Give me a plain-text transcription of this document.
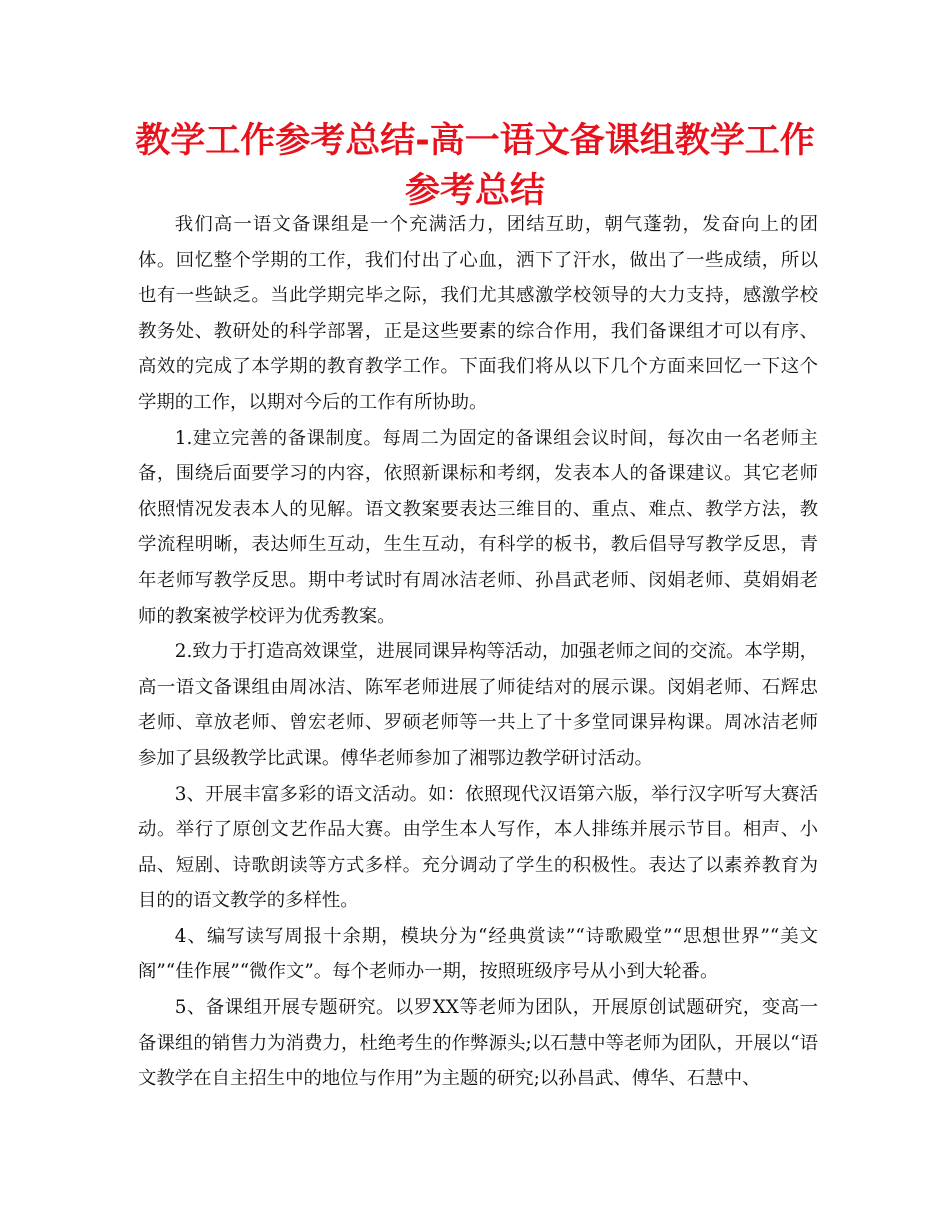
教学工作参考总结-高一语文备课组教学工作参考总结

我们高一语文备课组是一个充满活力，团结互助，朝气蓬勃，发奋向上的团体。回忆整个学期的工作，我们付出了心血，洒下了汗水，做出了一些成绩，所以也有一些缺乏。当此学期完毕之际，我们尤其感激学校领导的大力支持，感激学校教务处、教研处的科学部署，正是这些要素的综合作用，我们备课组才可以有序、高效的完成了本学期的教育教学工作。下面我们将从以下几个方面来回忆一下这个学期的工作，以期对今后的工作有所协助。

1.建立完善的备课制度。每周二为固定的备课组会议时间，每次由一名老师主备，围绕后面要学习的内容，依照新课标和考纲，发表本人的备课建议。其它老师依照情况发表本人的见解。语文教案要表达三维目的、重点、难点、教学方法，教学流程明晰，表达师生互动，生生互动，有科学的板书，教后倡导写教学反思，青年老师写教学反思。期中考试时有周冰洁老师、孙昌武老师、闵娟老师、莫娟娟老师的教案被学校评为优秀教案。

2.致力于打造高效课堂，进展同课异构等活动，加强老师之间的交流。本学期，高一语文备课组由周冰洁、陈军老师进展了师徒结对的展示课。闵娟老师、石辉忠老师、章放老师、曾宏老师、罗硕老师等一共上了十多堂同课异构课。周冰洁老师参加了县级教学比武课。傅华老师参加了湘鄂边教学研讨活动。

3、开展丰富多彩的语文活动。如：依照现代汉语第六版，举行汉字听写大赛活动。举行了原创文艺作品大赛。由学生本人写作，本人排练并展示节目。相声、小品、短剧、诗歌朗读等方式多样。充分调动了学生的积极性。表达了以素养教育为目的的语文教学的多样性。

4、编写读写周报十余期，模块分为“经典赏读”“诗歌殿堂”“思想世界”“美文阁”“佳作展”“微作文”。每个老师办一期，按照班级序号从小到大轮番。

5、备课组开展专题研究。以罗XX等老师为团队，开展原创试题研究，变高一备课组的销售力为消费力，杜绝考生的作弊源头;以石慧中等老师为团队，开展以“语文教学在自主招生中的地位与作用”为主题的研究;以孙昌武、傅华、石慧中、
